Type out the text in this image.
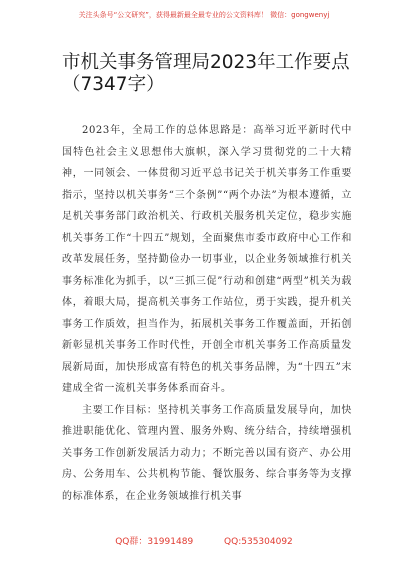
关注头条号“公文研究”，获得最新最全最专业的公文资料库！ 微信：gongwenyj
市机关事务管理局2023年工作要点（7347字）

2023年，全局工作的总体思路是：高举习近平新时代中国特色社会主义思想伟大旗帜，深入学习贯彻党的二十大精神，一同领会、一体贯彻习近平总书记关于机关事务工作重要指示，坚持以机关事务“三个条例”“两个办法”为根本遵循，立足机关事务部门政治机关、行政机关服务机关定位，稳步实施机关事务工作“十四五”规划，全面聚焦市委市政府中心工作和改革发展任务，坚持勤俭办一切事业，以企业务领域推行机关事务标准化为抓手，以“三抓三促”行动和创建“两型”机关为载体，着眼大局，提高机关事务工作站位，勇于实践，提升机关事务工作质效，担当作为，拓展机关事务工作覆盖面，开拓创新彰显机关事务工作时代性，开创全市机关事务工作高质量发展新局面，加快形成富有特色的机关事务品牌，为“十四五”末建成全省一流机关事务体系而奋斗。

主要工作目标：坚持机关事务工作高质量发展导向，加快推进职能优化、管理内置、服务外购、统分结合，持续增强机关事务工作创新发展活力动力；不断完善以国有资产、办公用房、公务用车、公共机构节能、餐饮服务、综合事务等为支撑的标准体系，在企业务领域推行机关事

QQ群：31991489	QQ:535304092
